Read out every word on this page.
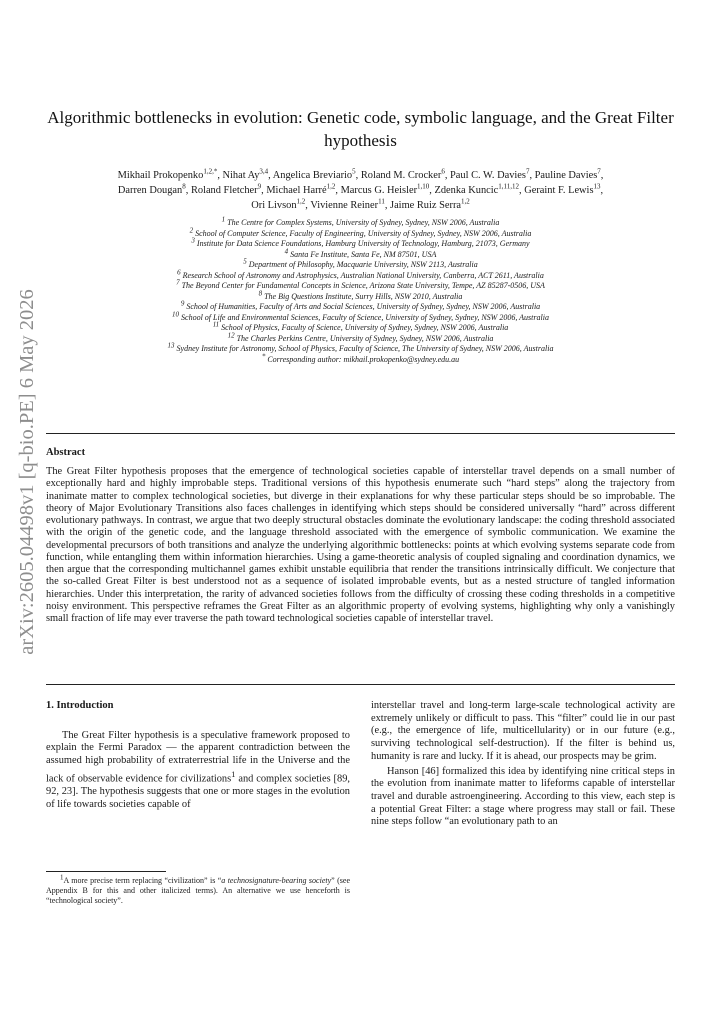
arXiv:2605.04498v1 [q-bio.PE] 6 May 2026
Algorithmic bottlenecks in evolution: Genetic code, symbolic language, and the Great Filter hypothesis
Mikhail Prokopenko$^{1,2,*}$, Nihat Ay$^{3,4}$, Angelica Breviario$^5$, Roland M. Crocker$^6$, Paul C. W. Davies$^7$, Pauline Davies$^7$,
Darren Dougan$^8$, Roland Fletcher$^9$, Michael Harré$^{1,2}$, Marcus G. Heisler$^{1,10}$, Zdenka Kuncic$^{1,11,12}$, Geraint F. Lewis$^{13}$,
Ori Livson$^{1,2}$, Vivienne Reiner$^{11}$, Jaime Ruiz Serra$^{1,2}$
$^1$ The Centre for Complex Systems, University of Sydney, Sydney, NSW 2006, Australia
$^2$ School of Computer Science, Faculty of Engineering, University of Sydney, Sydney, NSW 2006, Australia
$^3$ Institute for Data Science Foundations, Hamburg University of Technology, Hamburg, 21073, Germany
$^4$ Santa Fe Institute, Santa Fe, NM 87501, USA
$^5$ Department of Philosophy, Macquarie University, NSW 2113, Australia
$^6$ Research School of Astronomy and Astrophysics, Australian National University, Canberra, ACT 2611, Australia
$^7$ The Beyond Center for Fundamental Concepts in Science, Arizona State University, Tempe, AZ 85287-0506, USA
$^8$ The Big Questions Institute, Surry Hills, NSW 2010, Australia
$^9$ School of Humanities, Faculty of Arts and Social Sciences, University of Sydney, Sydney, NSW 2006, Australia
$^{10}$ School of Life and Environmental Sciences, Faculty of Science, University of Sydney, Sydney, NSW 2006, Australia
$^{11}$ School of Physics, Faculty of Science, University of Sydney, Sydney, NSW 2006, Australia
$^{12}$ The Charles Perkins Centre, University of Sydney, Sydney, NSW 2006, Australia
$^{13}$ Sydney Institute for Astronomy, School of Physics, Faculty of Science, The University of Sydney, NSW 2006, Australia
* Corresponding author: mikhail.prokopenko@sydney.edu.au
Abstract
The Great Filter hypothesis proposes that the emergence of technological societies capable of interstellar travel depends on a small number of exceptionally hard and highly improbable steps. Traditional versions of this hypothesis enumerate such “hard steps” along the trajectory from inanimate matter to complex technological societies, but diverge in their explanations for why these particular steps should be so improbable. The theory of Major Evolutionary Transitions also faces challenges in identifying which steps should be considered universally “hard” across different evolutionary pathways. In contrast, we argue that two deeply structural obstacles dominate the evolutionary landscape: the coding threshold associated with the origin of the genetic code, and the language threshold associated with the emergence of symbolic communication. We examine the developmental precursors of both transitions and analyze the underlying algorithmic bottlenecks: points at which evolving systems separate code from function, while entangling them within information hierarchies. Using a game-theoretic analysis of coupled signaling and coordination dynamics, we then argue that the corresponding multichannel games exhibit unstable equilibria that render the transitions intrinsically difficult. We conjecture that the so-called Great Filter is best understood not as a sequence of isolated improbable events, but as a nested structure of tangled information hierarchies. Under this interpretation, the rarity of advanced societies follows from the difficulty of crossing these coding thresholds in a competitive noisy environment. This perspective reframes the Great Filter as an algorithmic property of evolving systems, highlighting why only a vanishingly small fraction of life may ever traverse the path toward technological societies capable of interstellar travel.
1. Introduction

The Great Filter hypothesis is a speculative framework proposed to explain the Fermi Paradox — the apparent contradiction between the assumed high probability of extraterrestrial life in the Universe and the lack of observable evidence for civilizations$^1$ and complex societies [89, 92, 23]. The hypothesis suggests that one or more stages in the evolution of life towards societies capable of

interstellar travel and long-term large-scale technological activity are extremely unlikely or difficult to pass. This “filter” could lie in our past (e.g., the emergence of life, multicellularity) or in our future (e.g., surviving technological self-destruction). If the filter is behind us, humanity is rare and lucky. If it is ahead, our prospects may be grim.

Hanson [46] formalized this idea by identifying nine critical steps in the evolution from inanimate matter to lifeforms capable of interstellar travel and durable astroengineering. According to this view, each step is a potential Great Filter: a stage where progress may stall or fail. These nine steps follow “an evolutionary path to an

$^1$A more precise term replacing “civilization” is “a technosignature-bearing society” (see Appendix B for this and other italicized terms). An alternative we use henceforth is “technological society”.
